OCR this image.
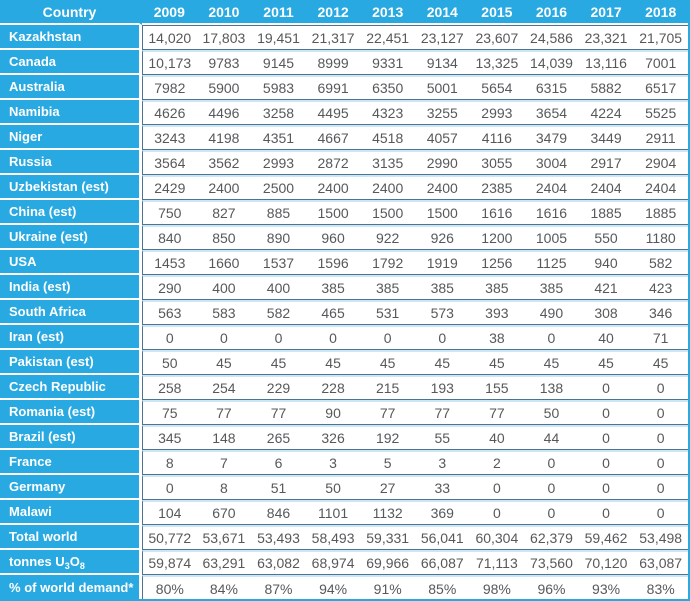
Country	2009	2010	2011	2012	2013	2014	2015	2016	2017	2018
Kazakhstan	14,020	17,803	19,451	21,317	22,451	23,127	23,607	24,586	23,321	21,705
Canada	10,173	9783	9145	8999	9331	9134	13,325	14,039	13,116	7001
Australia	7982	5900	5983	6991	6350	5001	5654	6315	5882	6517
Namibia	4626	4496	3258	4495	4323	3255	2993	3654	4224	5525
Niger	3243	4198	4351	4667	4518	4057	4116	3479	3449	2911
Russia	3564	3562	2993	2872	3135	2990	3055	3004	2917	2904
Uzbekistan (est)	2429	2400	2500	2400	2400	2400	2385	2404	2404	2404
China (est)	750	827	885	1500	1500	1500	1616	1616	1885	1885
Ukraine (est)	840	850	890	960	922	926	1200	1005	550	1180
USA	1453	1660	1537	1596	1792	1919	1256	1125	940	582
India (est)	290	400	400	385	385	385	385	385	421	423
South Africa	563	583	582	465	531	573	393	490	308	346
Iran (est)	0	0	0	0	0	0	38	0	40	71
Pakistan (est)	50	45	45	45	45	45	45	45	45	45
Czech Republic	258	254	229	228	215	193	155	138	0	0
Romania (est)	75	77	77	90	77	77	77	50	0	0
Brazil (est)	345	148	265	326	192	55	40	44	0	0
France	8	7	6	3	5	3	2	0	0	0
Germany	0	8	51	50	27	33	0	0	0	0
Malawi	104	670	846	1101	1132	369	0	0	0	0
Total world	50,772	53,671	53,493	58,493	59,331	56,041	60,304	62,379	59,462	53,498
tonnes $U_3O_8$	59,874	63,291	63,082	68,974	69,966	66,087	71,113	73,560	70,120	63,087
% of world demand*	80%	84%	87%	94%	91%	85%	98%	96%	93%	83%
